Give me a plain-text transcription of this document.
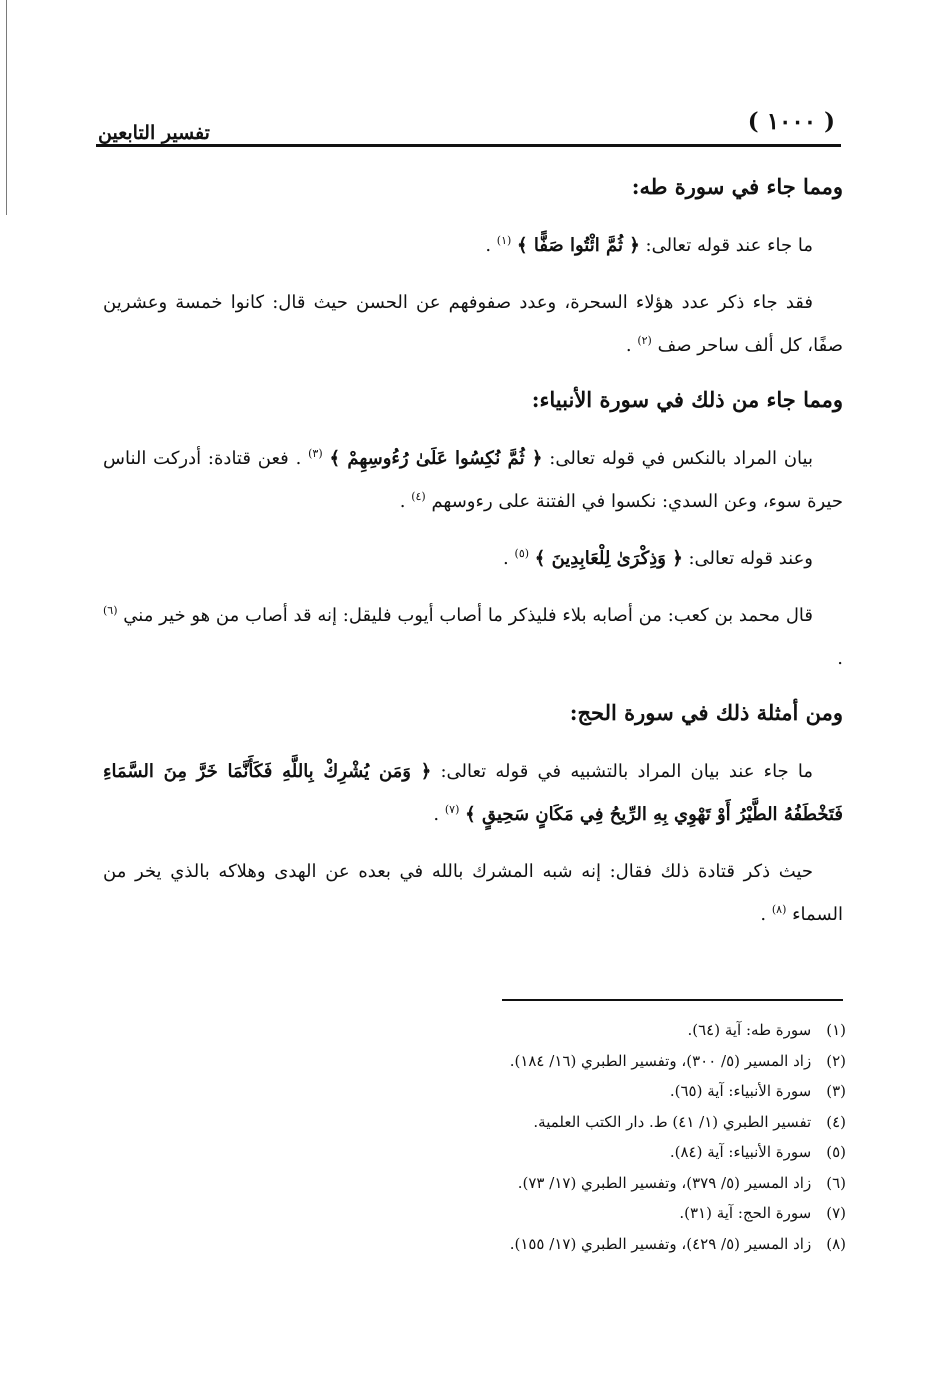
( ١٠٠٠ )
تفسير التابعين
ومما جاء في سورة طه:

ما جاء عند قوله تعالى: ﴿ ثُمَّ ائْتُوا صَفًّا ﴾ $^{(١)}$ .

فقد جاء ذكر عدد هؤلاء السحرة، وعدد صفوفهم عن الحسن حيث قال: كانوا خمسة وعشرين صفًا، كل ألف ساحر صف $^{(٢)}$ .

ومما جاء من ذلك في سورة الأنبياء:

بيان المراد بالنكس في قوله تعالى: ﴿ ثُمَّ نُكِسُوا عَلَىٰ رُءُوسِهِمْ ﴾ $^{(٣)}$ . فعن قتادة: أدركت الناس حيرة سوء، وعن السدي: نكسوا في الفتنة على رءوسهم $^{(٤)}$ .

وعند قوله تعالى: ﴿ وَذِكْرَىٰ لِلْعَابِدِينَ ﴾ $^{(٥)}$ .

قال محمد بن كعب: من أصابه بلاء فليذكر ما أصاب أيوب فليقل: إنه قد أصاب من هو خير مني $^{(٦)}$ .

ومن أمثلة ذلك في سورة الحج:

ما جاء عند بيان المراد بالتشبيه في قوله تعالى: ﴿ وَمَن يُشْرِكْ بِاللَّهِ فَكَأَنَّمَا خَرَّ مِنَ السَّمَاءِ فَتَخْطَفُهُ الطَّيْرُ أَوْ تَهْوِي بِهِ الرِّيحُ فِي مَكَانٍ سَحِيقٍ ﴾ $^{(٧)}$ .

حيث ذكر قتادة ذلك فقال: إنه شبه المشرك بالله في بعده عن الهدى وهلاكه بالذي يخر من السماء $^{(٨)}$ .

(١) سورة طه: آية (٦٤).
(٢) زاد المسير (٥/ ٣٠٠)، وتفسير الطبري (١٦/ ١٨٤).
(٣) سورة الأنبياء: آية (٦٥).
(٤) تفسير الطبري (١/ ٤١) ط. دار الكتب العلمية.
(٥) سورة الأنبياء: آية (٨٤).
(٦) زاد المسير (٥/ ٣٧٩)، وتفسير الطبري (١٧/ ٧٣).
(٧) سورة الحج: آية (٣١).
(٨) زاد المسير (٥/ ٤٢٩)، وتفسير الطبري (١٧/ ١٥٥).
